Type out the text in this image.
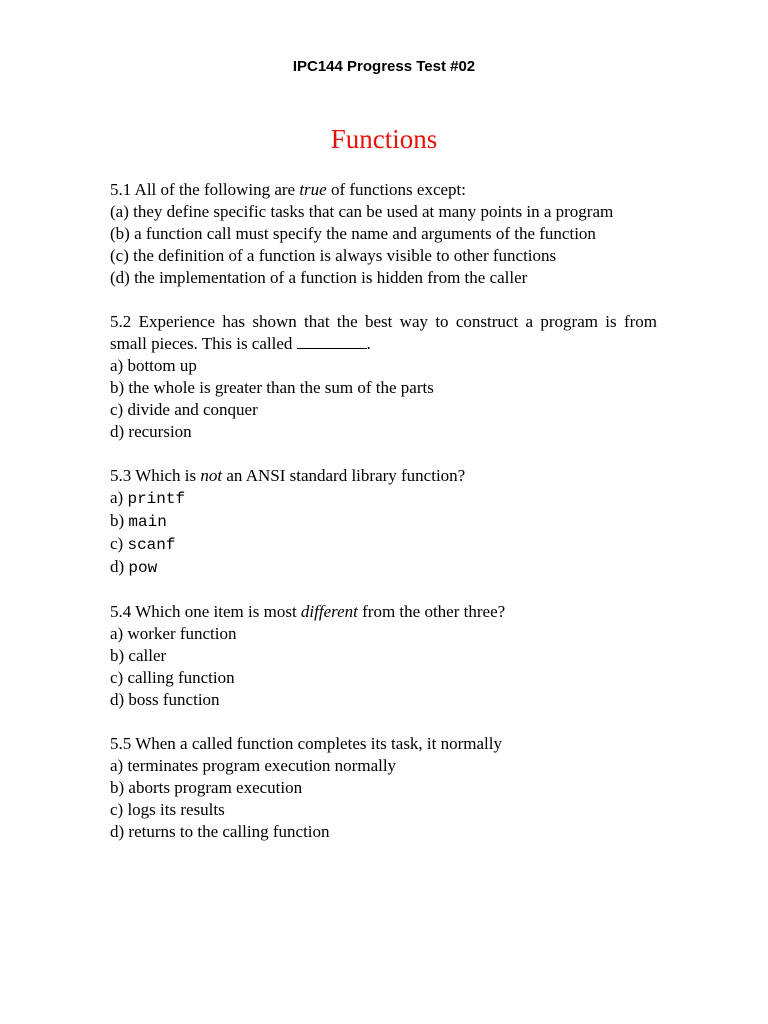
IPC144 Progress Test #02
Functions
5.1 All of the following are true of functions except:
(a) they define specific tasks that can be used at many points in a program
(b) a function call must specify the name and arguments of the function
(c) the definition of a function is always visible to other functions
(d) the implementation of a function is hidden from the caller
5.2 Experience has shown that the best way to construct a program is from small pieces. This is called	.
a) bottom up
b) the whole is greater than the sum of the parts
c) divide and conquer
d) recursion
5.3 Which is not an ANSI standard library function?
a) printf
b) main
c) scanf
d) pow
5.4 Which one item is most different from the other three?
a) worker function
b) caller
c) calling function
d) boss function
5.5 When a called function completes its task, it normally
a) terminates program execution normally
b) aborts program execution
c) logs its results
d) returns to the calling function
